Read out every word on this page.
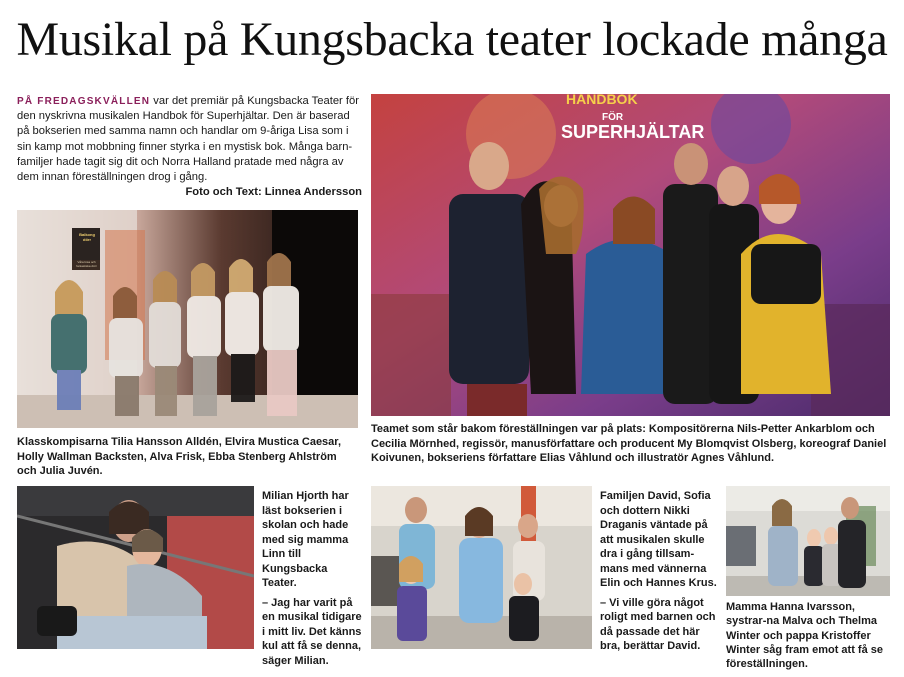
Musikal på Kungsbacka teater lockade många
PÅ FREDAGSKVÄLLEN var det premiär på Kungsbacka Teater för den nyskrivna musikalen Handbok för Superhjältar. Den är baserad på bokserien med samma namn och handlar om 9-åriga Lisa som i sin kamp mot mobbning finner styrka i en mystisk bok. Många barn-familjer hade tagit sig dit och Norra Halland pratade med några av dem innan föreställningen drog i gång.
Foto och Text: Linnea Andersson
Balkong dörr
Våra lösa och fantastiska dörr
Klasskompisarna Tilia Hansson Alldén, Elvira Mustica Caesar, Holly Wallman Backsten, Alva Frisk, Ebba Stenberg Ahlström och Julia Juvén.
HANDBOK
FÖR
SUPERHJÄLTAR
Teamet som står bakom föreställningen var på plats: Kompositörerna Nils-Petter Ankarblom och Cecilia Mörnhed, regissör, manusförfattare och producent My Blomqvist Olsberg, koreograf Daniel Koivunen, bokseriens författare Elias Våhlund och illustratör Agnes Våhlund.

Milian Hjorth har läst bokserien i skolan och hade med sig mamma Linn till Kungsbacka Teater.

– Jag har varit på en musikal tidigare i mitt liv. Det känns kul att få se denna, säger Milian.

Familjen David, Sofia och dottern Nikki Draganis väntade på att musikalen skulle dra i gång tillsam-mans med vännerna Elin och Hannes Krus.

– Vi ville göra något roligt med barnen och då passade det här bra, berättar David.

Mamma Hanna Ivarsson, systrar-na Malva och Thelma Winter och pappa Kristoffer Winter såg fram emot att få se föreställningen.
